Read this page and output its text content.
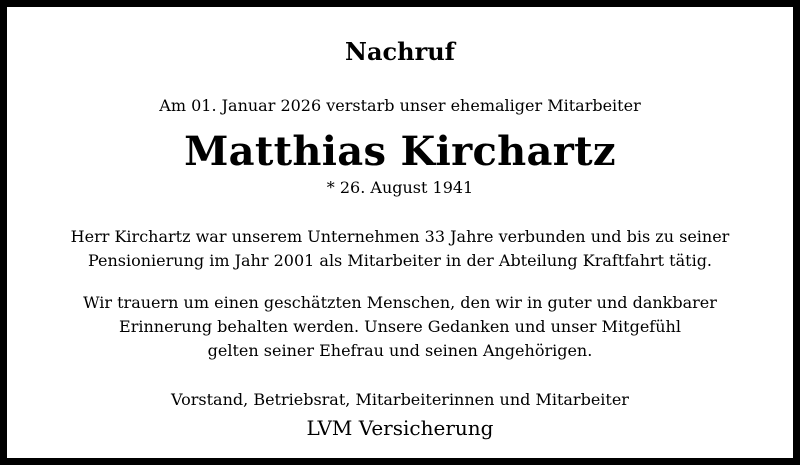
Nachruf
Am 01. Januar 2026 verstarb unser ehemaliger Mitarbeiter
Matthias Kirchartz
* 26. August 1941
Herr Kirchartz war unserem Unternehmen 33 Jahre verbunden und bis zu seiner
Pensionierung im Jahr 2001 als Mitarbeiter in der Abteilung Kraftfahrt tätig.
Wir trauern um einen geschätzten Menschen, den wir in guter und dankbarer
Erinnerung behalten werden. Unsere Gedanken und unser Mitgefühl
gelten seiner Ehefrau und seinen Angehörigen.
Vorstand, Betriebsrat, Mitarbeiterinnen und Mitarbeiter
LVM Versicherung
